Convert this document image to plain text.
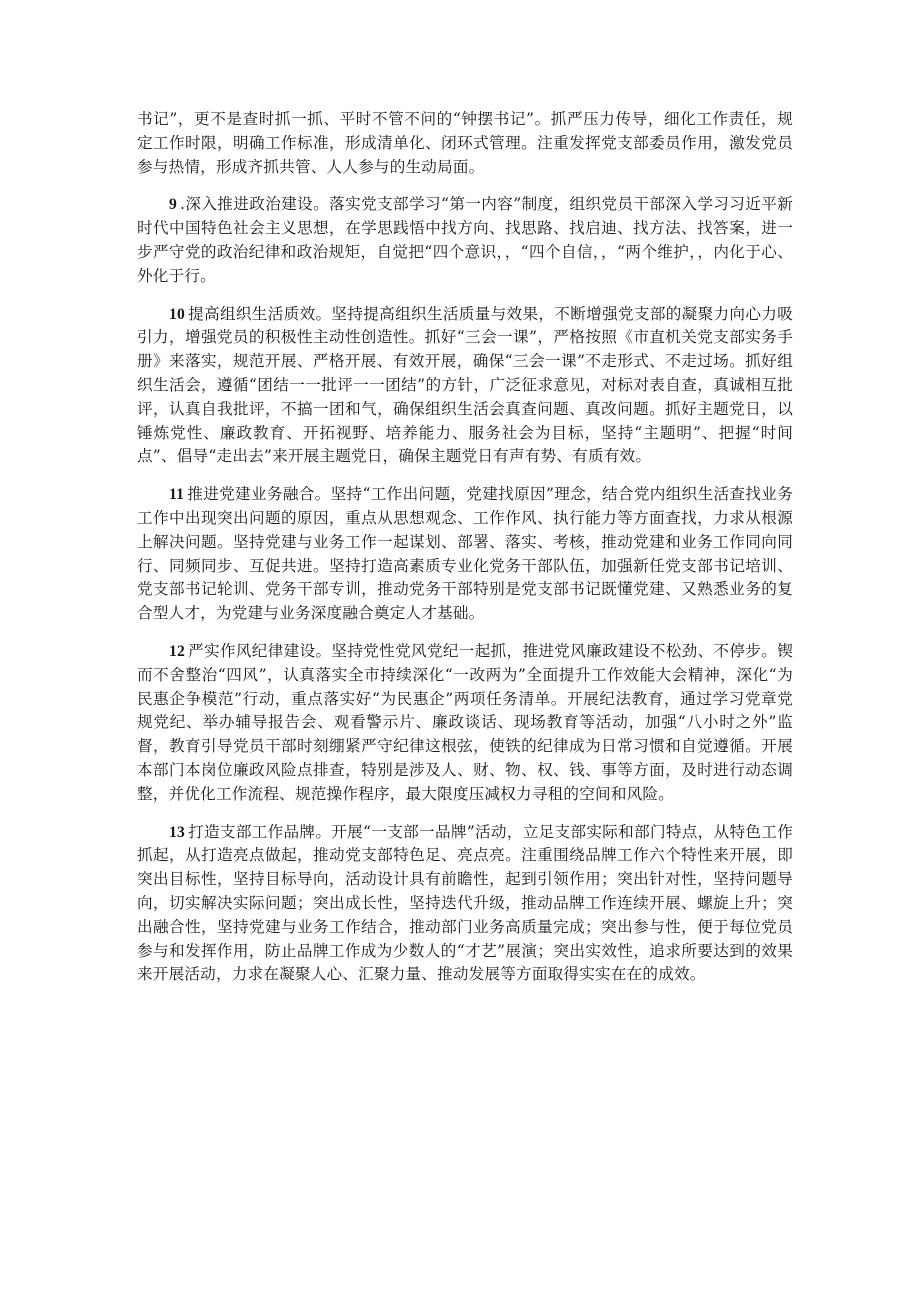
书记”，更不是查时抓一抓、平时不管不问的“钟摆书记”。抓严压力传导，细化工作责任，规定工作时限，明确工作标准，形成清单化、闭环式管理。注重发挥党支部委员作用，激发党员参与热情，形成齐抓共管、人人参与的生动局面。

9 .深入推进政治建设。落实党支部学习“第一内容”制度，组织党员干部深入学习习近平新时代中国特色社会主义思想，在学思践悟中找方向、找思路、找启迪、找方法、找答案，进一步严守党的政治纪律和政治规矩，自觉把“四个意识，，“四个自信，，“两个维护，，内化于心、外化于行。

10 提高组织生活质效。坚持提高组织生活质量与效果，不断增强党支部的凝聚力向心力吸引力，增强党员的积极性主动性创造性。抓好“三会一课”，严格按照《市直机关党支部实务手册》来落实，规范开展、严格开展、有效开展，确保“三会一课”不走形式、不走过场。抓好组织生活会，遵循“团结一一批评一一团结”的方针，广泛征求意见，对标对表自查，真诚相互批评，认真自我批评，不搞一团和气，确保组织生活会真查问题、真改问题。抓好主题党日，以锤炼党性、廉政教育、开拓视野、培养能力、服务社会为目标，坚持“主题明”、把握“时间点”、倡导“走出去”来开展主题党日，确保主题党日有声有势、有质有效。

11 推进党建业务融合。坚持“工作出问题，党建找原因”理念，结合党内组织生活查找业务工作中出现突出问题的原因，重点从思想观念、工作作风、执行能力等方面查找，力求从根源上解决问题。坚持党建与业务工作一起谋划、部署、落实、考核，推动党建和业务工作同向同行、同频同步、互促共进。坚持打造高素质专业化党务干部队伍，加强新任党支部书记培训、党支部书记轮训、党务干部专训，推动党务干部特别是党支部书记既懂党建、又熟悉业务的复合型人才，为党建与业务深度融合奠定人才基础。

12 严实作风纪律建设。坚持党性党风党纪一起抓，推进党风廉政建设不松劲、不停步。锲而不舍整治“四风”，认真落实全市持续深化“一改两为”全面提升工作效能大会精神，深化“为民惠企争模范”行动，重点落实好“为民惠企”两项任务清单。开展纪法教育，通过学习党章党规党纪、举办辅导报告会、观看警示片、廉政谈话、现场教育等活动，加强“八小时之外”监督，教育引导党员干部时刻绷紧严守纪律这根弦，使铁的纪律成为日常习惯和自觉遵循。开展本部门本岗位廉政风险点排查，特别是涉及人、财、物、权、钱、事等方面，及时进行动态调整，并优化工作流程、规范操作程序，最大限度压减权力寻租的空间和风险。

13 打造支部工作品牌。开展“一支部一品牌”活动，立足支部实际和部门特点，从特色工作抓起，从打造亮点做起，推动党支部特色足、亮点亮。注重围绕品牌工作六个特性来开展，即突出目标性，坚持目标导向，活动设计具有前瞻性，起到引领作用；突出针对性，坚持问题导向，切实解决实际问题；突出成长性，坚持迭代升级，推动品牌工作连续开展、螺旋上升；突出融合性，坚持党建与业务工作结合，推动部门业务高质量完成；突出参与性，便于每位党员参与和发挥作用，防止品牌工作成为少数人的“才艺”展演；突出实效性，追求所要达到的效果来开展活动，力求在凝聚人心、汇聚力量、推动发展等方面取得实实在在的成效。
